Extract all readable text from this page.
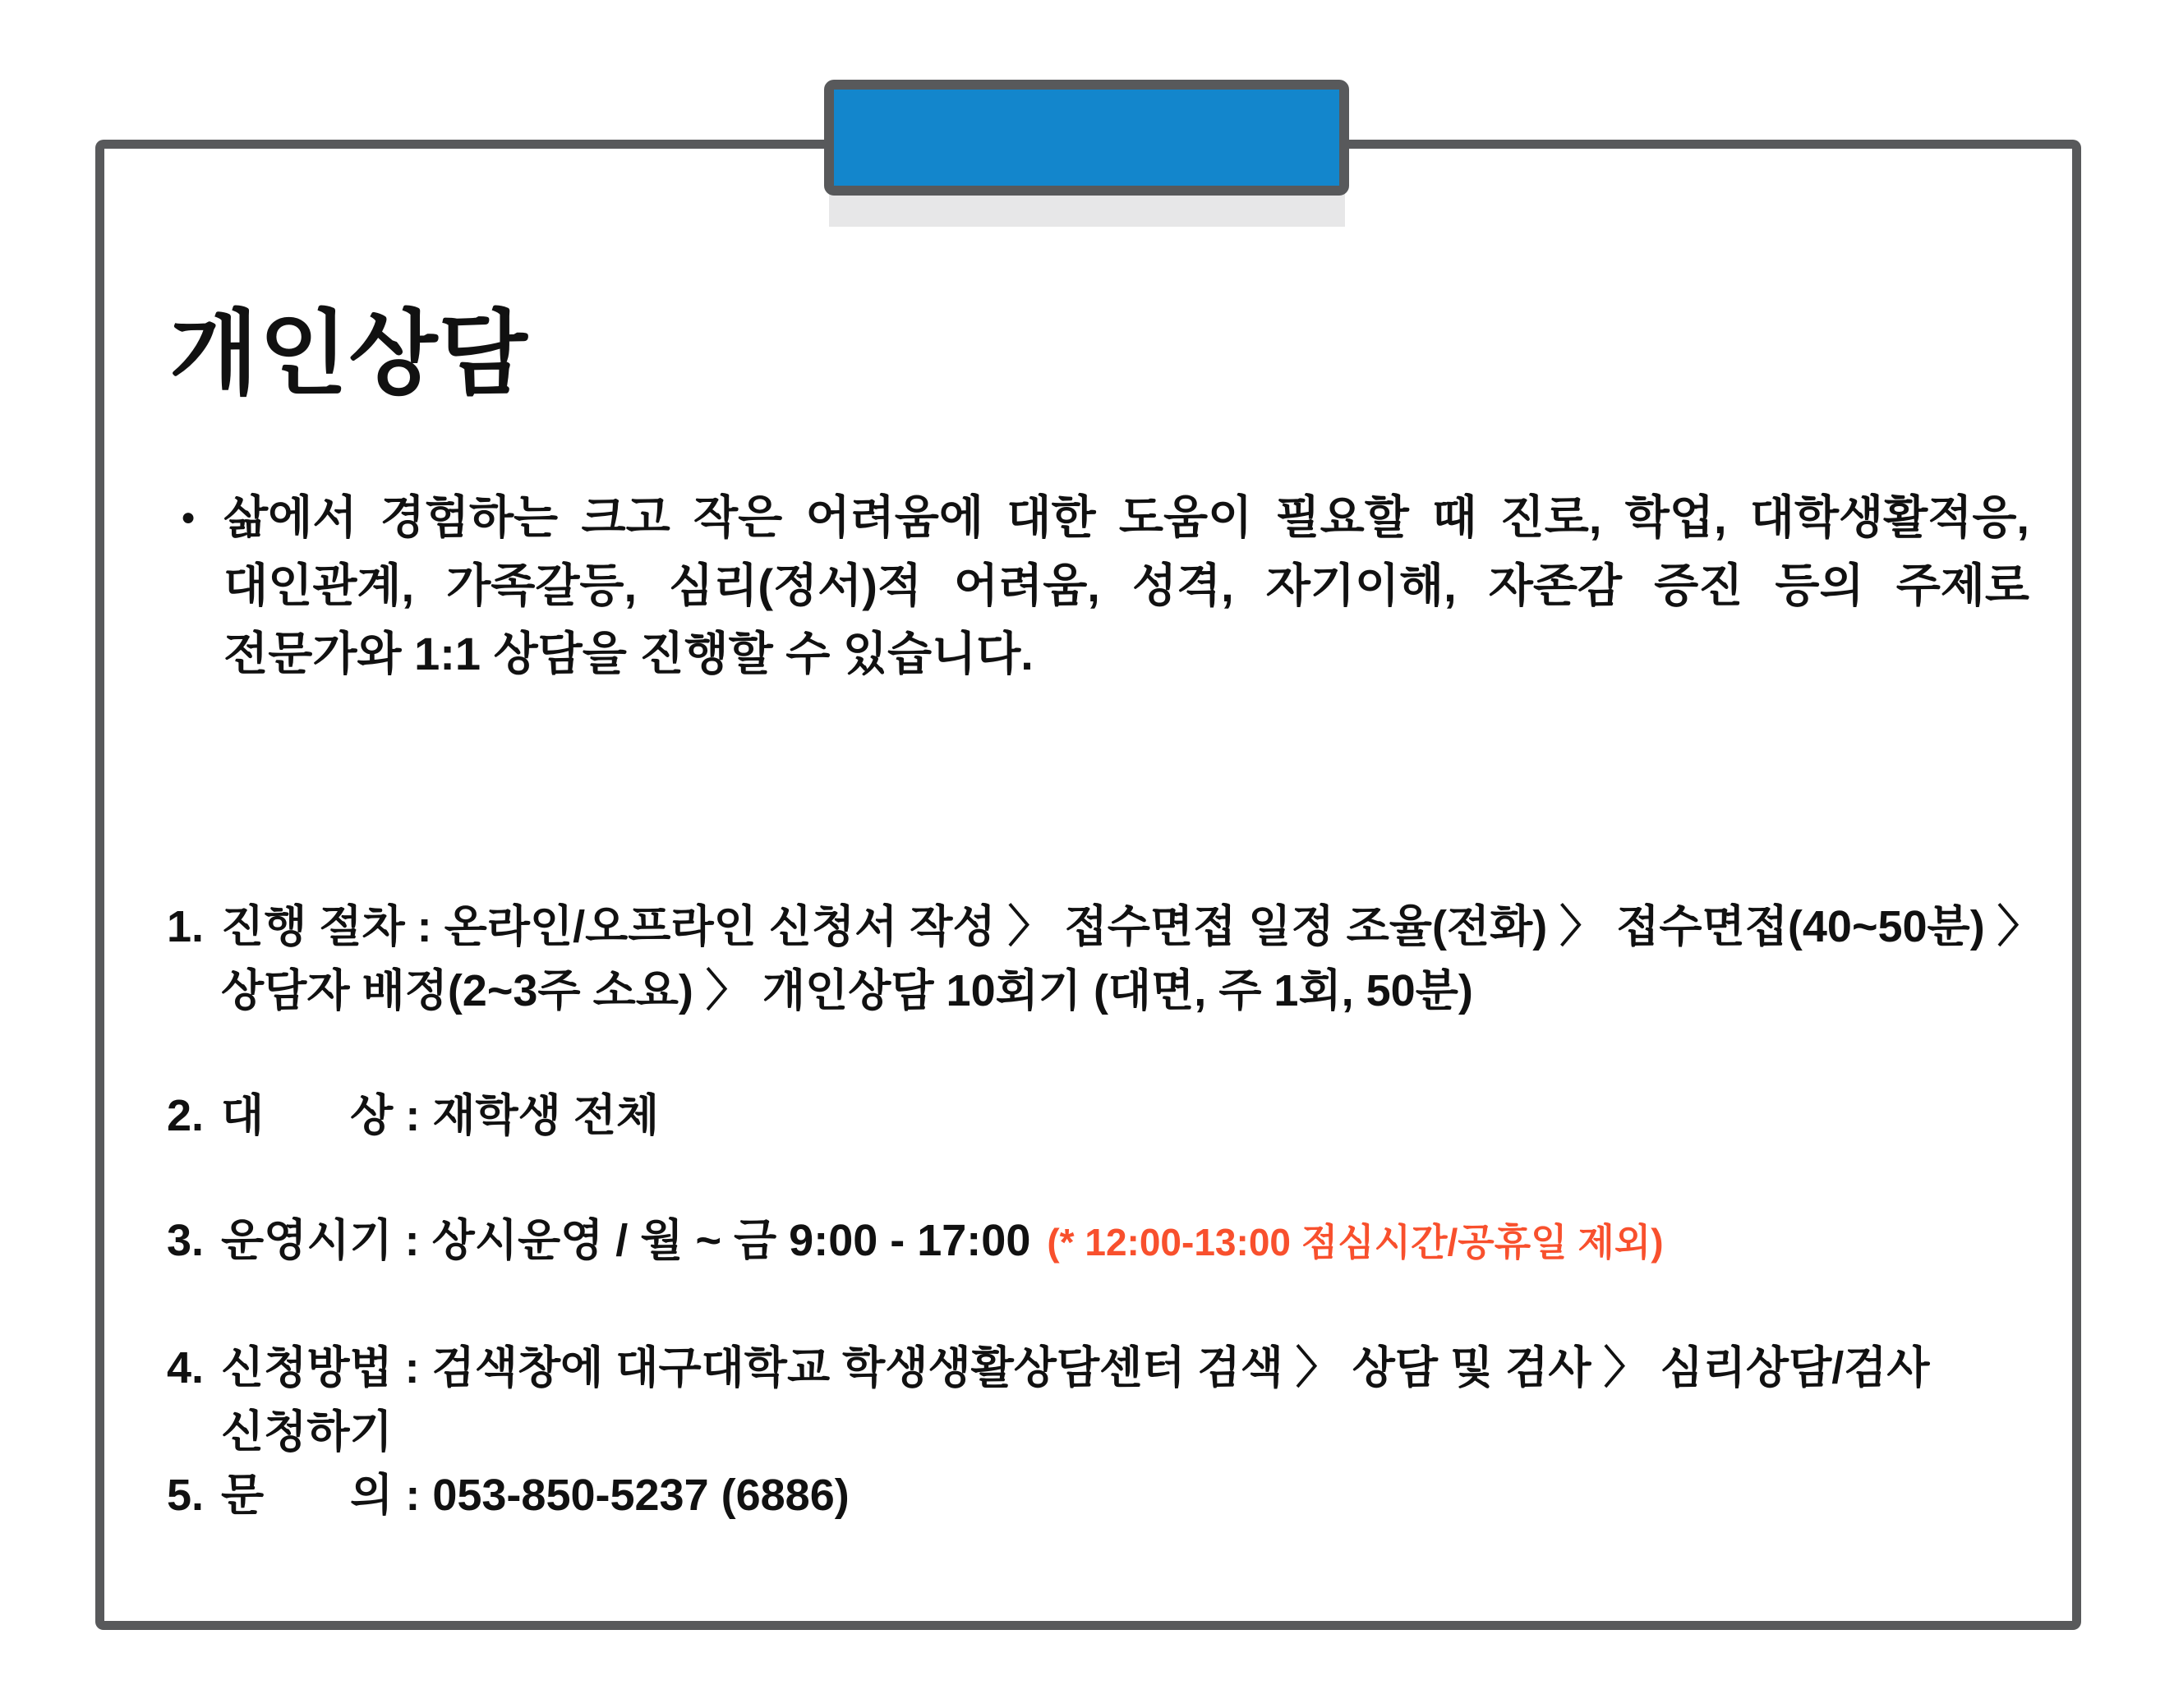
개인상담
● 삶에서 경험하는 크고 작은 어려움에 대한 도움이 필요할 때 진로, 학업, 대학생활적응, 대인관계, 가족갈등, 심리(정서)적 어려움, 성격, 자기이해, 자존감 증진 등의 주제로 전문가와 1:1 상담을 진행할 수 있습니다.

1. 진행 절차 : 온라인/오프라인 신청서 작성 〉 접수면접 일정 조율(전화) 〉 접수면접(40~50분) 〉 상담자 배정(2~3주 소요) 〉 개인상담 10회기 (대면, 주 1회, 50분)
2. 대       상 : 재학생 전체
3. 운영시기 : 상시운영 / 월 ~ 금 9:00 - 17:00 (* 12:00-13:00 점심시간/공휴일 제외)
4. 신청방법 : 검색창에 대구대학교 학생생활상담센터 검색 〉 상담 및 검사 〉 심리상담/검사 신청하기
5. 문       의 : 053-850-5237 (6886)
